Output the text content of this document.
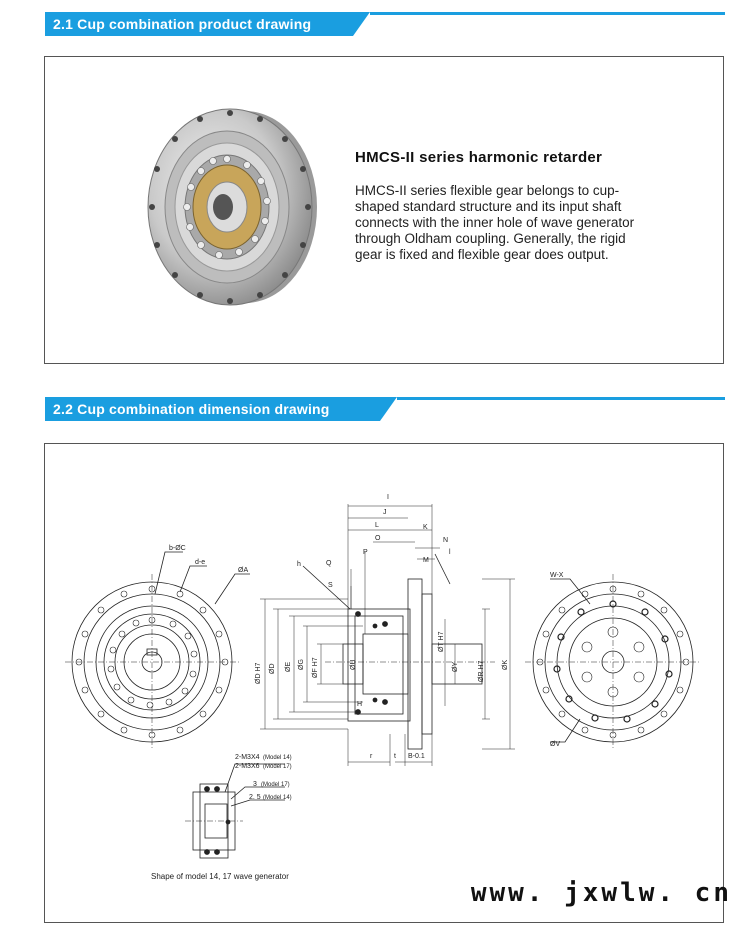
2.1 Cup combination product drawing
HMCS-II series harmonic retarder
HMCS-II series flexible gear belongs to cup-shaped standard structure and its input shaft connects with the inner hole of wave generator through Oldham coupling. Generally, the rigid gear is fixed and flexible gear does output.
2.2 Cup combination dimension drawing
b-ØC
d-e
ØA
I
J
L	K
O	N
P
M
l
Q
h
S
H
r	t B-0.1
ØD H7 ØD ØE ØG ØF H7	ØU
ØT H7
ØY	ØR H7 ØK
W-X
ØV
2-M3X4 (Model 14)
2-M3X6 (Model 17)
3 (Model 17)
2. 5 (Model 14)
Shape of model 14, 17 wave generator
www. jxwlw. cn
